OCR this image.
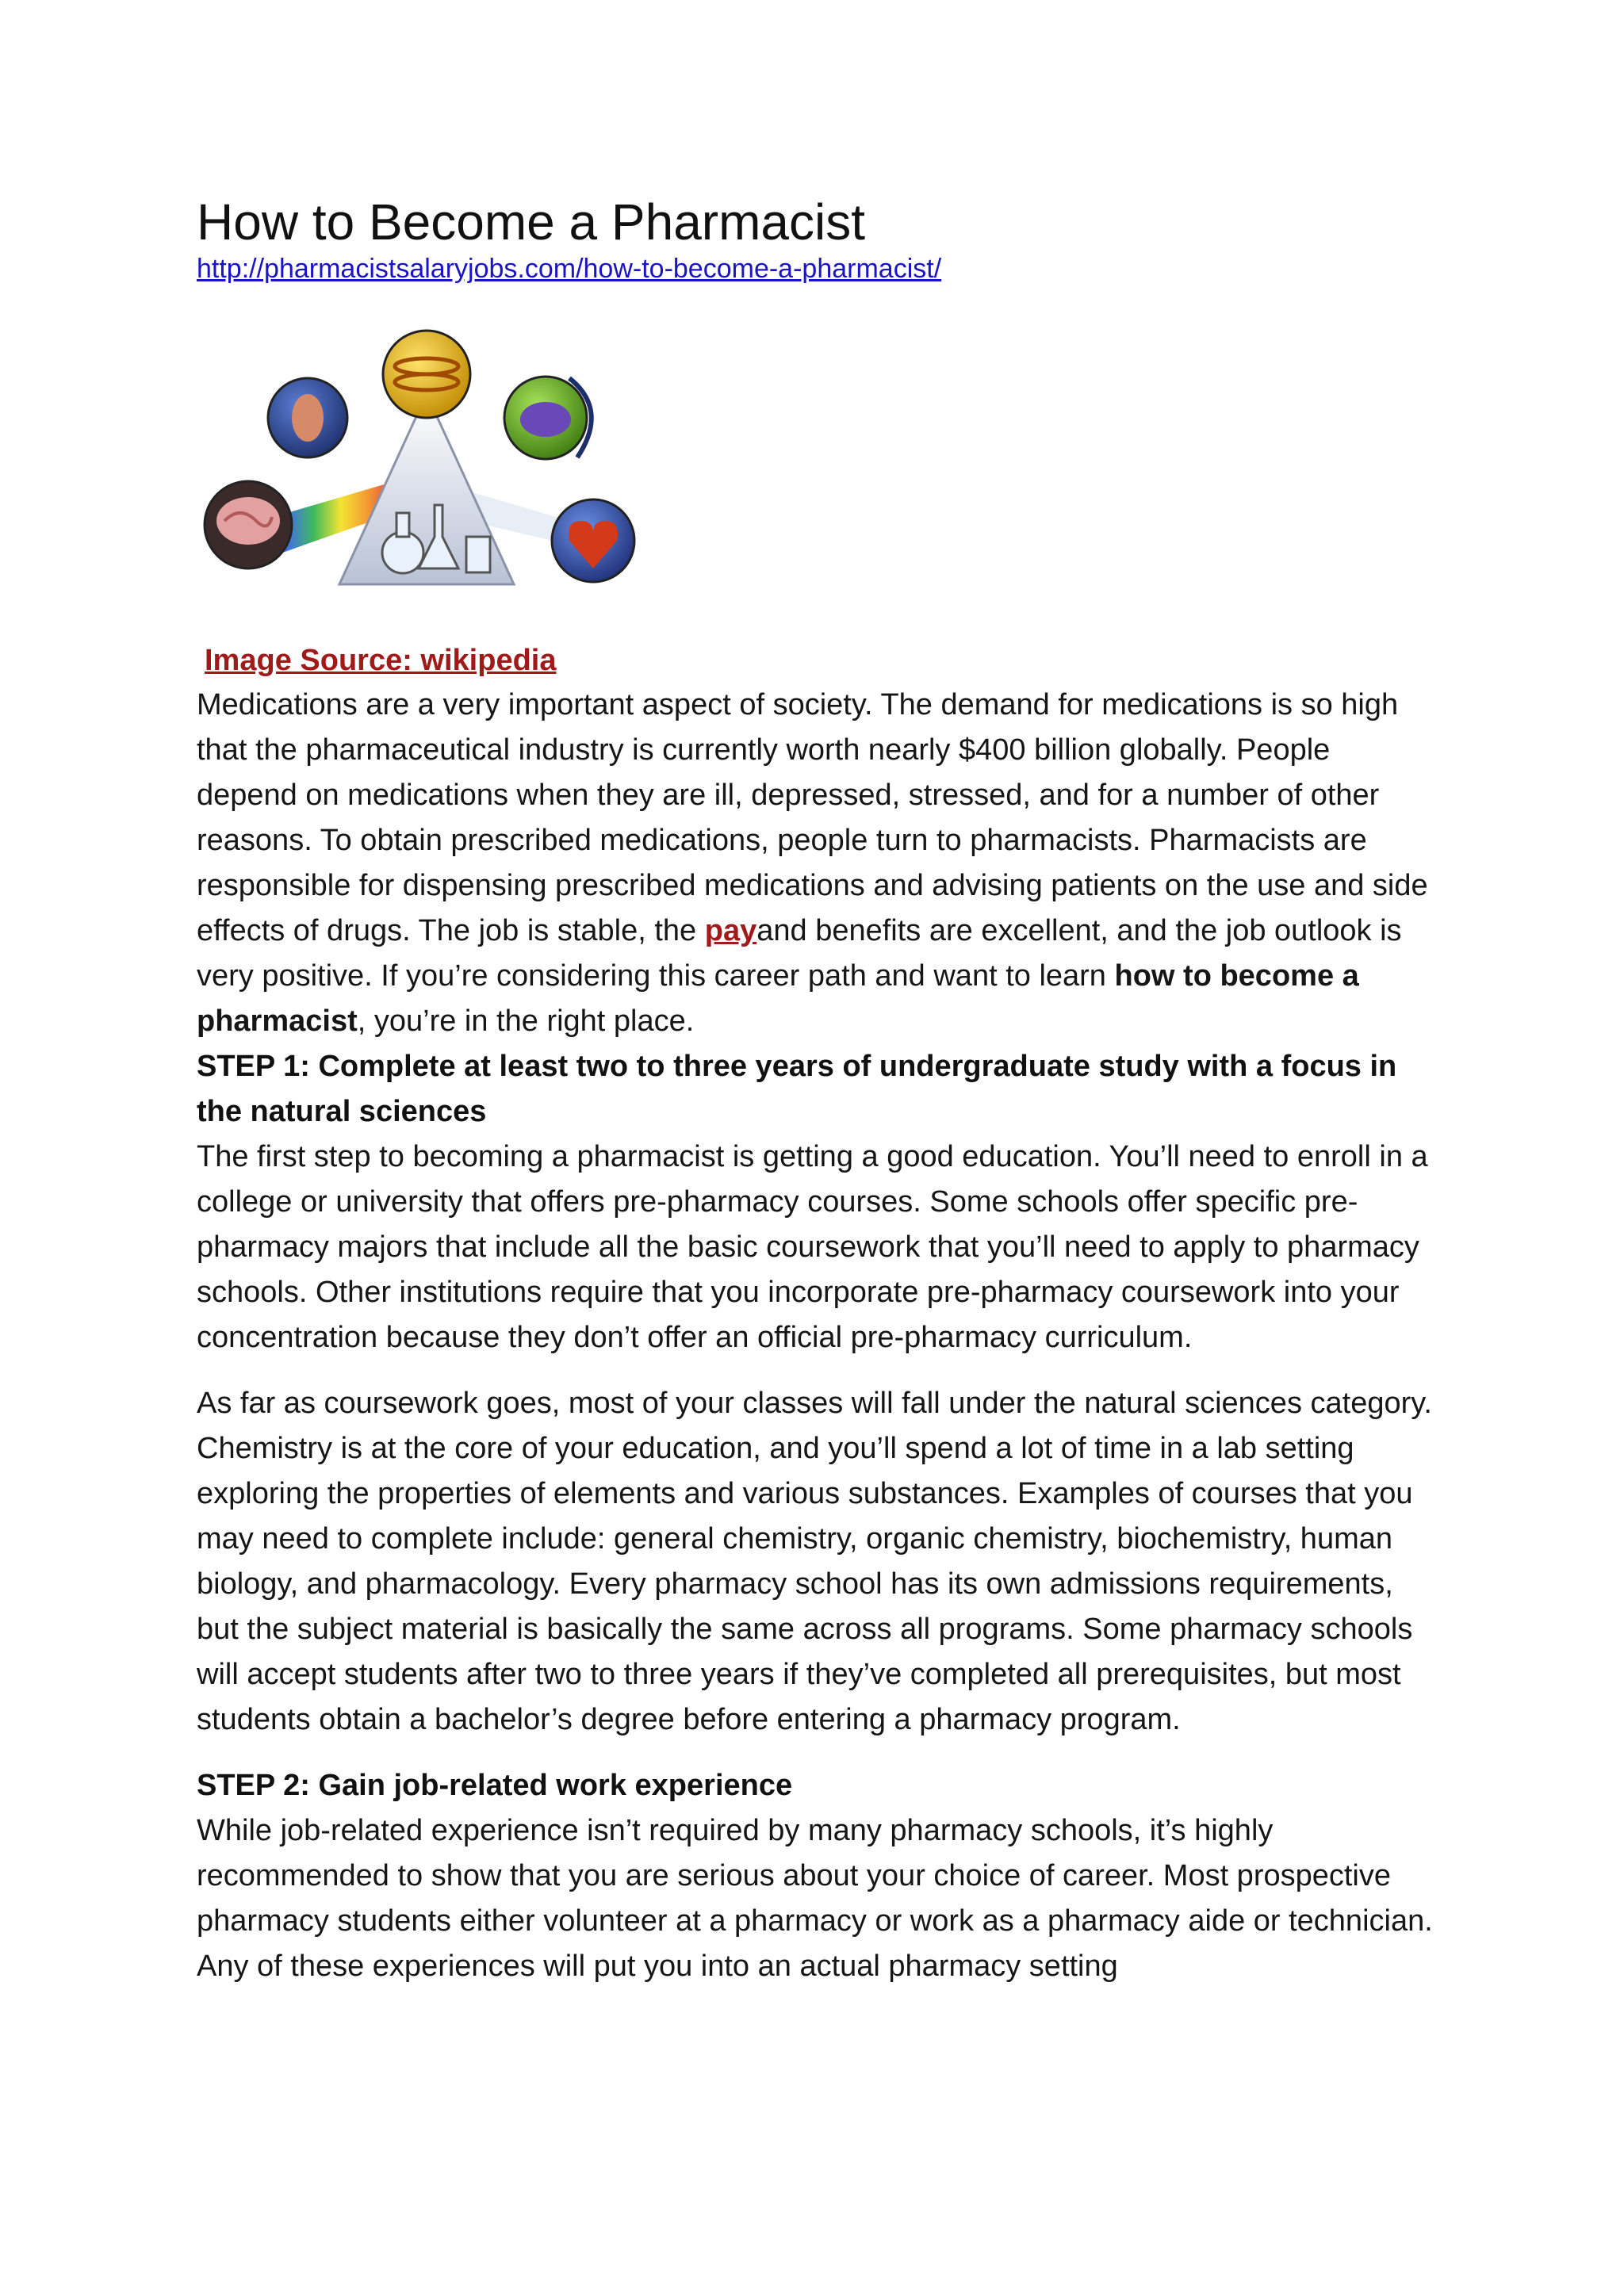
How to Become a Pharmacist
http://pharmacistsalaryjobs.com/how-to-become-a-pharmacist/
Image Source: wikipedia

Medications are a very important aspect of society. The demand for medications is so high that the pharmaceutical industry is currently worth nearly $400 billion globally. People depend on medications when they are ill, depressed, stressed, and for a number of other reasons. To obtain prescribed medications, people turn to pharmacists. Pharmacists are responsible for dispensing prescribed medications and advising patients on the use and side effects of drugs. The job is stable, the payand benefits are excellent, and the job outlook is very positive. If you’re considering this career path and want to learn how to become a pharmacist, you’re in the right place.

STEP 1: Complete at least two to three years of undergraduate study with a focus in the natural sciences

The first step to becoming a pharmacist is getting a good education. You’ll need to enroll in a college or university that offers pre-pharmacy courses. Some schools offer specific pre-pharmacy majors that include all the basic coursework that you’ll need to apply to pharmacy schools. Other institutions require that you incorporate pre-pharmacy coursework into your concentration because they don’t offer an official pre-pharmacy curriculum.

As far as coursework goes, most of your classes will fall under the natural sciences category. Chemistry is at the core of your education, and you’ll spend a lot of time in a lab setting exploring the properties of elements and various substances. Examples of courses that you may need to complete include: general chemistry, organic chemistry, biochemistry, human biology, and pharmacology. Every pharmacy school has its own admissions requirements, but the subject material is basically the same across all programs. Some pharmacy schools will accept students after two to three years if they’ve completed all prerequisites, but most students obtain a bachelor’s degree before entering a pharmacy program.

STEP 2: Gain job-related work experience

While job-related experience isn’t required by many pharmacy schools, it’s highly recommended to show that you are serious about your choice of career. Most prospective pharmacy students either volunteer at a pharmacy or work as a pharmacy aide or technician. Any of these experiences will put you into an actual pharmacy setting
